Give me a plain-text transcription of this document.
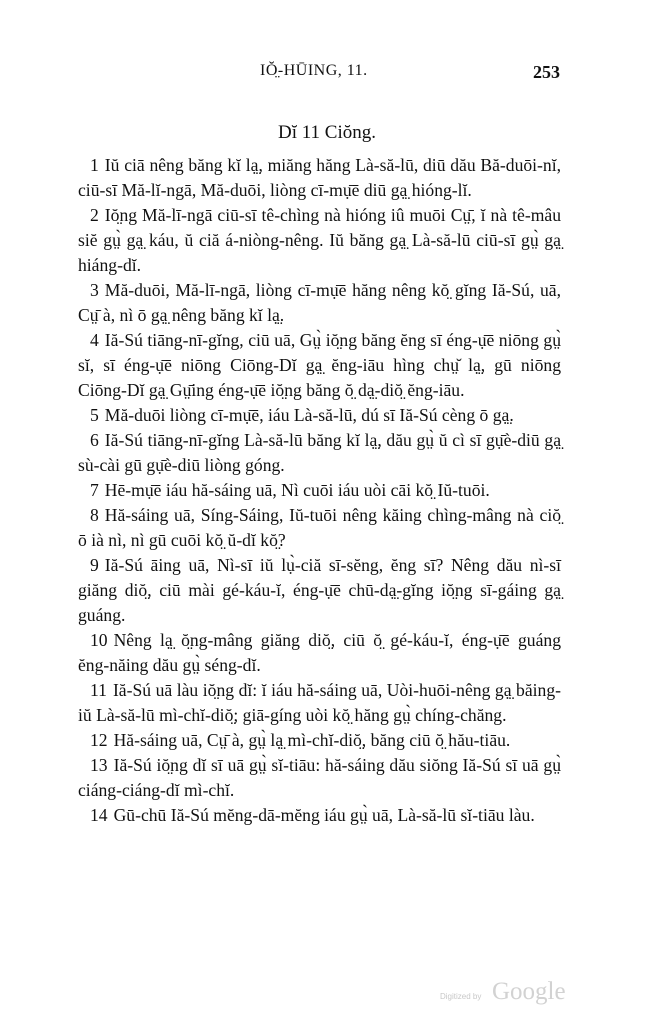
IŎ̤-HŪING, 11.	253
Dĭ 11 Ciŏng.

1 Iŭ ciā nêng băng kĭ lạ̤, miăng hăng Là-să-lū, diū dău Bă-duōi-nĭ, ciū-sī Mă-lĭ-ngā, Mă-duōi, liòng cī-mụ̄ē diū gạ̤ hióng-lĭ.

2 Iŏ̤ng Mă-lī-ngā ciū-sī tê-chìng nà hióng iû muōi Cṳ̄, ĭ nà tê-mâu siĕ gṳ̀ gạ̤ káu, ŭ ciă á-niòng-nêng. Iŭ băng gạ̤ Là-să-lū ciū-sī gṳ̀ gạ̤ hiáng-dĭ.

3 Mă-duōi, Mă-lī-ngā, liòng cī-mụ̄ē hăng nêng kŏ̤ gĭng Iă-Sú, uā, Cṳ̄ à, nì ō gạ̤ nêng băng kĭ lạ̤.

4 Iă-Sú tiāng-nī-gĭng, ciū uā, Gṳ̀ iŏ̤ng băng ĕng sī éng-ụ̄ē niōng gṳ̀ sĭ, sī éng-ụ̄ē niōng Ciōng-Dĭ gạ̤ ĕng-iāu hìng chṳ̆ lạ̤, gū niōng Ciōng-Dĭ gạ̤ Gṳ̄ing éng-ụ̄ē iŏ̤ng băng ŏ̤ dạ̤-diŏ̤ ĕng-iāu.

5 Mă-duōi liòng cī-mụ̄ē, iáu Là-să-lū, dú sī Iă-Sú cèng ō gạ̤.

6 Iă-Sú tiāng-nī-gĭng Là-să-lū băng kĭ lạ̤, dău gṳ̀ ŭ cì sī gụ̄è-diū gạ̤ sù-cài gū gụ̄è-diū liòng góng.

7 Hē-mụ̄ē iáu hă-sáing uā, Nì cuōi iáu uòi cāi kŏ̤ Iŭ-tuōi.

8 Hă-sáing uā, Síng-Sáing, Iŭ-tuōi nêng kăing chìng-mâng nà ciŏ̤ ō ià nì, nì gū cuōi kŏ̤ ŭ-dĭ kŏ̤?

9 Iă-Sú āing uā, Nì-sī iŭ lụ̀-ciă sī-sĕng, ĕng sī? Nêng dău nì-sī giăng diŏ̤, ciū mài gé-káu-ĭ, éng-ụ̄ē chū-dạ̤-gĭng iŏ̤ng sī-gáing gạ̤ guáng.

10 Nêng lạ̤ ŏ̤ng-mâng giăng diŏ̤, ciū ŏ̤ gé-káu-ĭ, éng-ụ̄ē guáng ĕng-năing dău gṳ̀ séng-dĭ.

11 Iă-Sú uā làu iŏ̤ng dĭ: ĭ iáu hă-sáing uā, Uòi-huōi-nêng gạ̤ băing-iŭ Là-să-lū mì-chĭ-diŏ̤; giā-gíng uòi kŏ̤ hăng gṳ̀ chíng-chăng.

12 Hă-sáing uā, Cṳ̄ à, gṳ̀ lạ̤ mì-chĭ-diŏ̤, băng ciū ŏ̤ hău-tiāu.

13 Iă-Sú iŏ̤ng dĭ sī uā gṳ̀ sĭ-tiāu: hă-sáing dău siŏng Iă-Sú sī uā gṳ̀ ciáng-ciáng-dĭ mì-chĭ.

14 Gū-chū Iă-Sú mĕng-dā-mĕng iáu gṳ̀ uā, Là-să-lū sĭ-tiāu làu.

Digitized by Google
